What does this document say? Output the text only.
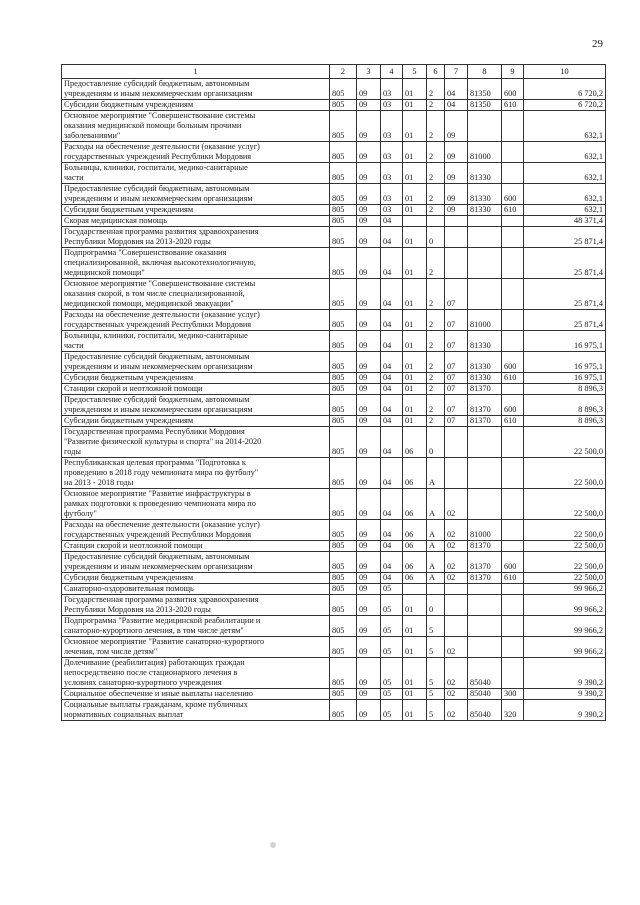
29
1	2	3	4	5	6	7	8	9	10
Предоставление субсидий бюджетным, автономным
учреждениям и иным некоммерческим организациям	805	09	03	01	2	04	81350	600	6 720,2
Субсидии бюджетным учреждениям	805	09	03	01	2	04	81350	610	6 720,2
Основное мероприятие "Совершенствование системы
оказания медицинской помощи больным прочими
заболеваниями"	805	09	03	01	2	09			632,1
Расходы на обеспечение деятельности (оказание услуг)
государственных учреждений Республики Мордовия	805	09	03	01	2	09	81000		632,1
Больницы, клиники, госпитали, медико-санитарные
части	805	09	03	01	2	09	81330		632,1
Предоставление субсидий бюджетным, автономным
учреждениям и иным некоммерческим организациям	805	09	03	01	2	09	81330	600	632,1
Субсидии бюджетным учреждениям	805	09	03	01	2	09	81330	610	632,1
Скорая медицинская помощь	805	09	04						48 371,4
Государственная программа развития здравоохранения
Республики Мордовия на 2013-2020 годы	805	09	04	01	0				25 871,4
Подпрограмма "Совершенствование оказания
специализированной, включая высокотехнологичную,
медицинской помощи"	805	09	04	01	2				25 871,4
Основное мероприятие "Совершенствование системы
оказания скорой, в том числе специализированной,
медицинской помощи, медицинской эвакуации"	805	09	04	01	2	07			25 871,4
Расходы на обеспечение деятельности (оказание услуг)
государственных учреждений Республики Мордовия	805	09	04	01	2	07	81000		25 871,4
Больницы, клиники, госпитали, медико-санитарные
части	805	09	04	01	2	07	81330		16 975,1
Предоставление субсидий бюджетным, автономным
учреждениям и иным некоммерческим организациям	805	09	04	01	2	07	81330	600	16 975,1
Субсидии бюджетным учреждениям	805	09	04	01	2	07	81330	610	16 975,1
Станции скорой и неотложной помощи	805	09	04	01	2	07	81370		8 896,3
Предоставление субсидий бюджетным, автономным
учреждениям и иным некоммерческим организациям	805	09	04	01	2	07	81370	600	8 896,3
Субсидии бюджетным учреждениям	805	09	04	01	2	07	81370	610	8 896,3
Государственная программа Республики Мордовия
"Развитие физической культуры и спорта" на 2014-2020
годы	805	09	04	06	0				22 500,0
Республиканская целевая программа "Подготовка к
проведению в 2018 году чемпионата мира по футболу"
на 2013 - 2018 годы	805	09	04	06	А				22 500,0
Основное мероприятие "Развитие инфраструктуры в
рамках подготовки к проведению чемпионата мира по
футболу"	805	09	04	06	А	02			22 500,0
Расходы на обеспечение деятельности (оказание услуг)
государственных учреждений Республики Мордовия	805	09	04	06	А	02	81000		22 500,0
Станции скорой и неотложной помощи	805	09	04	06	А	02	81370		22 500,0
Предоставление субсидий бюджетным, автономным
учреждениям и иным некоммерческим организациям	805	09	04	06	А	02	81370	600	22 500,0
Субсидии бюджетным учреждениям	805	09	04	06	А	02	81370	610	22 500,0
Санаторно-оздоровительная помощь	805	09	05						99 966,2
Государственная программа развития здравоохранения
Республики Мордовия на 2013-2020 годы	805	09	05	01	0				99 966,2
Подпрограмма "Развитие медицинской реабилитации и
санаторно-курортного лечения, в том числе детям"	805	09	05	01	5				99 966,2
Основное мероприятие "Развитие санаторно-курортного
лечения, том числе детям"	805	09	05	01	5	02			99 966,2
Долечивание (реабилитация) работающих граждан
непосредственно после стационарного лечения в
условиях санаторно-курортного учреждения	805	09	05	01	5	02	85040		9 390,2
Социальное обеспечение и иные выплаты населению	805	09	05	01	5	02	85040	300	9 390,2
Социальные выплаты гражданам, кроме публичных
нормативных социальных выплат	805	09	05	01	5	02	85040	320	9 390,2
